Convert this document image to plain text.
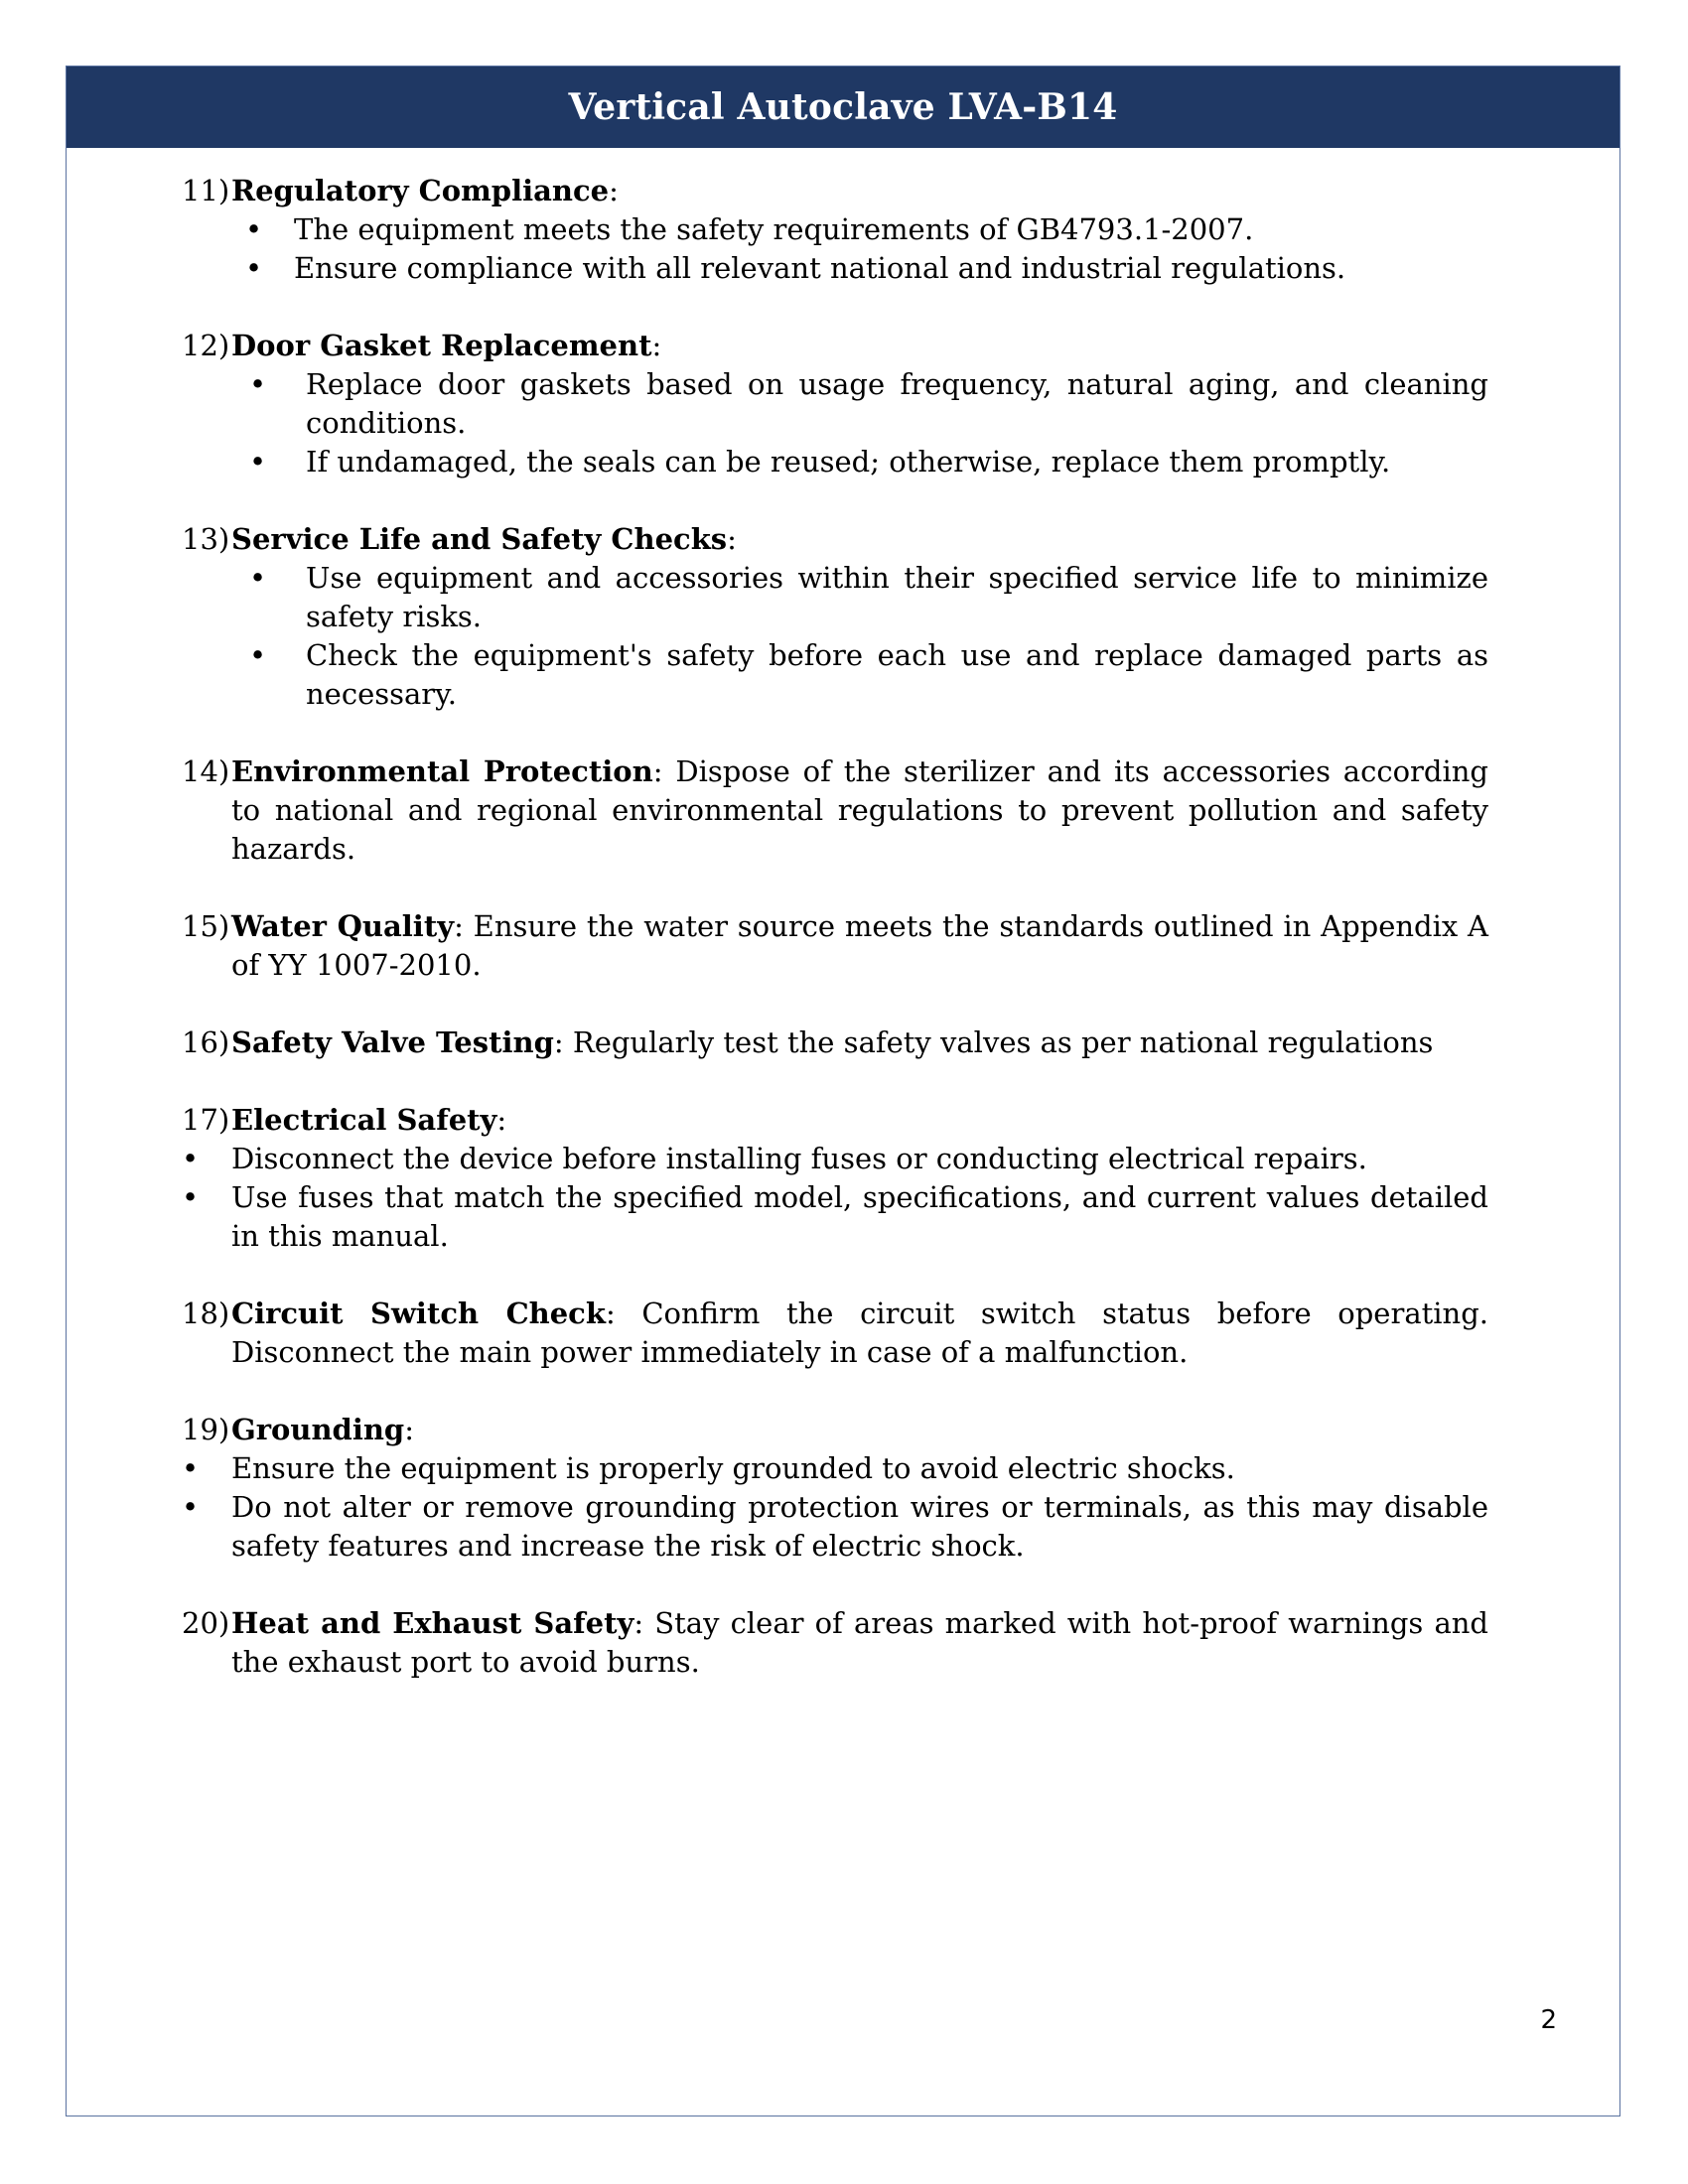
Vertical Autoclave LVA-B14
11) Regulatory Compliance:
• The equipment meets the safety requirements of GB4793.1-2007.
• Ensure compliance with all relevant national and industrial regulations.
12) Door Gasket Replacement:
• Replace door gaskets based on usage frequency, natural aging, and cleaning conditions.
• If undamaged, the seals can be reused; otherwise, replace them promptly.
13) Service Life and Safety Checks:
• Use equipment and accessories within their specified service life to minimize safety risks.
• Check the equipment's safety before each use and replace damaged parts as necessary.
14) Environmental Protection: Dispose of the sterilizer and its accessories according to national and regional environmental regulations to prevent pollution and safety hazards.
15) Water Quality: Ensure the water source meets the standards outlined in Appendix A of YY 1007-2010.
16) Safety Valve Testing: Regularly test the safety valves as per national regulations
17) Electrical Safety:
• Disconnect the device before installing fuses or conducting electrical repairs.
• Use fuses that match the specified model, specifications, and current values detailed in this manual.
18) Circuit Switch Check: Confirm the circuit switch status before operating. Disconnect the main power immediately in case of a malfunction.
19) Grounding:
• Ensure the equipment is properly grounded to avoid electric shocks.
• Do not alter or remove grounding protection wires or terminals, as this may disable safety features and increase the risk of electric shock.
20) Heat and Exhaust Safety: Stay clear of areas marked with hot-proof warnings and the exhaust port to avoid burns.
2
